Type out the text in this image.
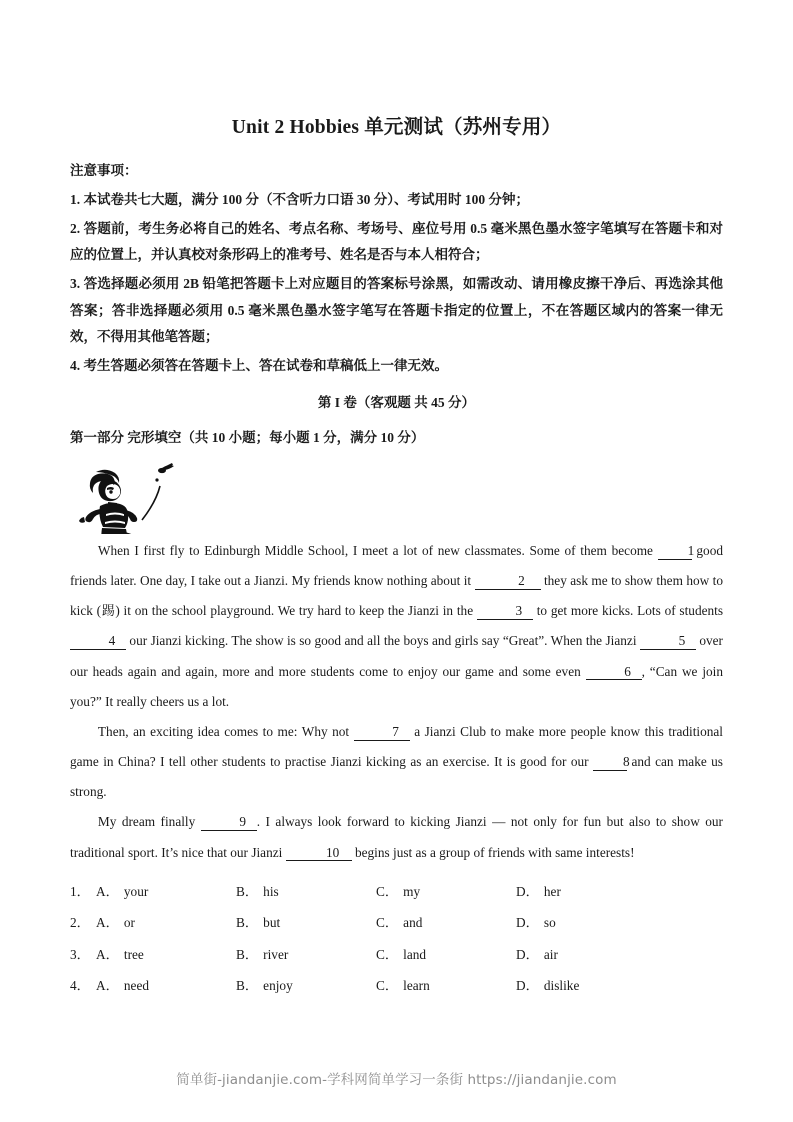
Unit 2 Hobbies 单元测试（苏州专用）

注意事项：

1. 本试卷共七大题，满分 100 分（不含听力口语 30 分）、考试用时 100 分钟；

2. 答题前，考生务必将自己的姓名、考点名称、考场号、座位号用 0.5 毫米黑色墨水签字笔填写在答题卡和对应的位置上，并认真校对条形码上的准考号、姓名是否与本人相符合；

3. 答选择题必须用 2B 铅笔把答题卡上对应题目的答案标号涂黑，如需改动、请用橡皮擦干净后、再选涂其他答案；答非选择题必须用 0.5 毫米黑色墨水签字笔写在答题卡指定的位置上，不在答题区域内的答案一律无效，不得用其他笔答题；

4. 考生答题必须答在答题卡上、答在试卷和草稿低上一律无效。

第 I 卷（客观题 共 45 分）

第一部分 完形填空（共 10 小题；每小题 1 分，满分 10 分）

When I first fly to Edinburgh Middle School, I meet a lot of new classmates. Some of them become	1 good friends later. One day, I take out a Jianzi. My friends know nothing about it	2 they ask me to show them how to kick (踢) it on the school playground. We try hard to keep the Jianzi in the	3 to get more kicks. Lots of students 4 our Jianzi kicking. The show is so good and all the boys and girls say “Great”. When the Jianzi	5 over our heads again and again, more and more students come to enjoy our game and some even	6 , “Can we join you?” It really cheers us a lot.

Then, an exciting idea comes to me: Why not	7 a Jianzi Club to make more people know this traditional game in China? I tell other students to practise Jianzi kicking as an exercise. It is good for our	8 and can make us strong.

My dream finally	9 . I always look forward to kicking Jianzi — not only for fun but also to show our traditional sport. It’s nice that our Jianzi	10 begins just as a group of friends with same interests!

1． A． your	B． his	C． my	D． her
2． A． or	B． but	C． and	D． so
3． A． tree	B． river	C． land	D． air
4． A． need	B． enjoy	C． learn	D． dislike
简单街-jiandanjie.com-学科网简单学习一条街 https://jiandanjie.com
